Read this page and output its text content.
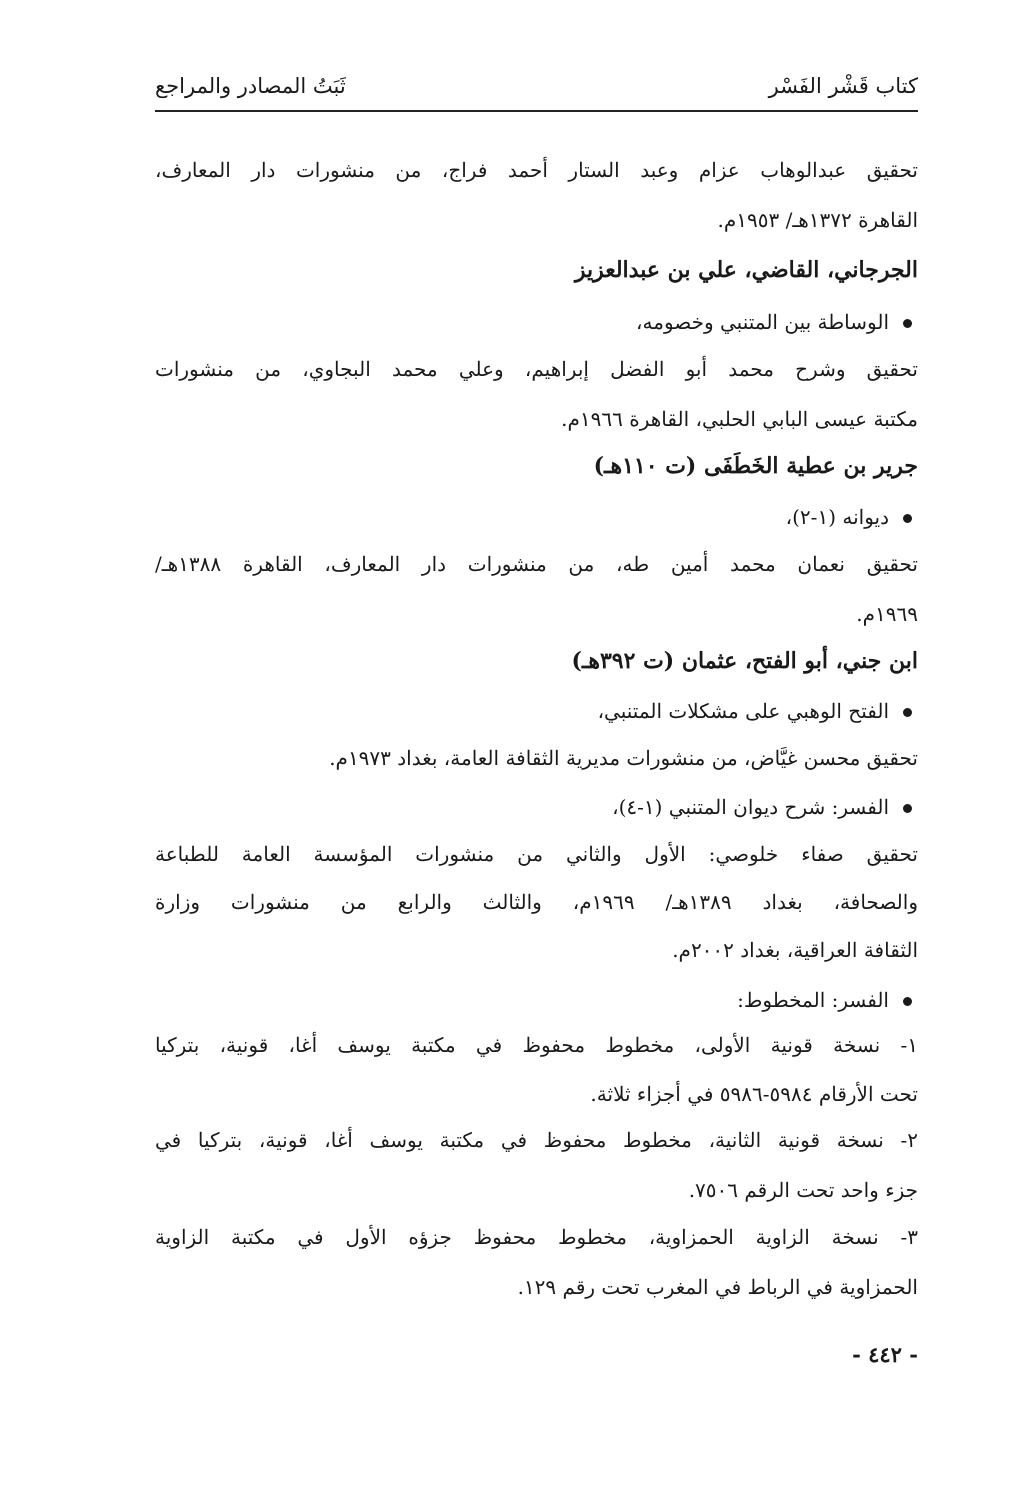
كتاب قَشْر الفَسْر
ثَبَتُ المصادر والمراجع
تحقيق عبدالوهاب عزام وعبد الستار أحمد فراج، من منشورات دار المعارف،
القاهرة ١٣٧٢هـ/ ١٩٥٣م.
الجرجاني، القاضي، علي بن عبدالعزيز
الوساطة بين المتنبي وخصومه،
تحقيق وشرح محمد أبو الفضل إبراهيم، وعلي محمد البجاوي، من منشورات
مكتبة عيسى البابي الحلبي، القاهرة ١٩٦٦م.
جرير بن عطية الخَطَفَى (ت ١١٠هـ)
ديوانه (١-٢)،
تحقيق نعمان محمد أمين طه، من منشورات دار المعارف، القاهرة ١٣٨٨هـ/
١٩٦٩م.
ابن جني، أبو الفتح، عثمان (ت ٣٩٢هـ)
الفتح الوهبي على مشكلات المتنبي،
تحقيق محسن غيَّاض، من منشورات مديرية الثقافة العامة، بغداد ١٩٧٣م.
الفسر: شرح ديوان المتنبي (١-٤)،
تحقيق صفاء خلوصي: الأول والثاني من منشورات المؤسسة العامة للطباعة
والصحافة، بغداد ١٣٨٩هـ/ ١٩٦٩م، والثالث والرابع من منشورات وزارة
الثقافة العراقية، بغداد ٢٠٠٢م.
الفسر: المخطوط:
١- نسخة قونية الأولى، مخطوط محفوظ في مكتبة يوسف أغا، قونية، بتركيا
تحت الأرقام ٥٩٨٤-٥٩٨٦ في أجزاء ثلاثة.
٢- نسخة قونية الثانية، مخطوط محفوظ في مكتبة يوسف أغا، قونية، بتركيا في
جزء واحد تحت الرقم ٧٥٠٦.
٣- نسخة الزاوية الحمزاوية، مخطوط محفوظ جزؤه الأول في مكتبة الزاوية
الحمزاوية في الرباط في المغرب تحت رقم ١٢٩.
- ٤٤٢ -
